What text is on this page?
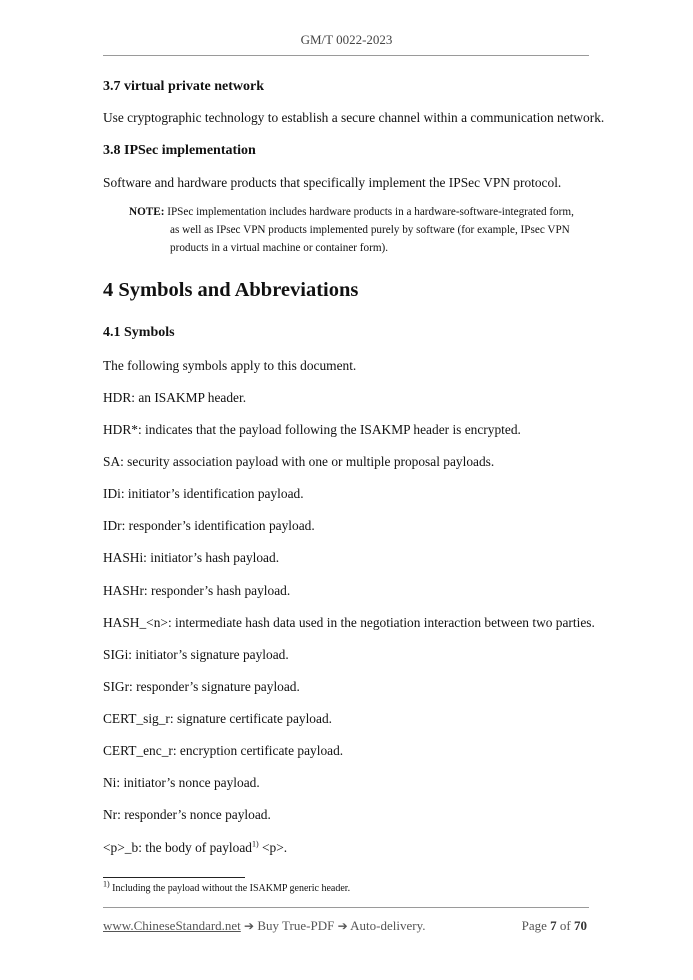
GM/T 0022-2023
3.7 virtual private network
Use cryptographic technology to establish a secure channel within a communication network.
3.8 IPSec implementation
Software and hardware products that specifically implement the IPSec VPN protocol.
NOTE: IPSec implementation includes hardware products in a hardware-software-integrated form,
as well as IPsec VPN products implemented purely by software (for example, IPsec VPN
products in a virtual machine or container form).
4 Symbols and Abbreviations
4.1 Symbols
The following symbols apply to this document.
HDR: an ISAKMP header.
HDR*: indicates that the payload following the ISAKMP header is encrypted.
SA: security association payload with one or multiple proposal payloads.
IDi: initiator’s identification payload.
IDr: responder’s identification payload.
HASHi: initiator’s hash payload.
HASHr: responder’s hash payload.
HASH_<n>: intermediate hash data used in the negotiation interaction between two parties.
SIGi: initiator’s signature payload.
SIGr: responder’s signature payload.
CERT_sig_r: signature certificate payload.
CERT_enc_r: encryption certificate payload.
Ni: initiator’s nonce payload.
Nr: responder’s nonce payload.
<p>_b: the body of payload$^{1)}$ <p>.
$^{1)}$ Including the payload without the ISAKMP generic header.
www.ChineseStandard.net ➔ Buy True-PDF ➔ Auto-delivery.	Page 7 of 70
